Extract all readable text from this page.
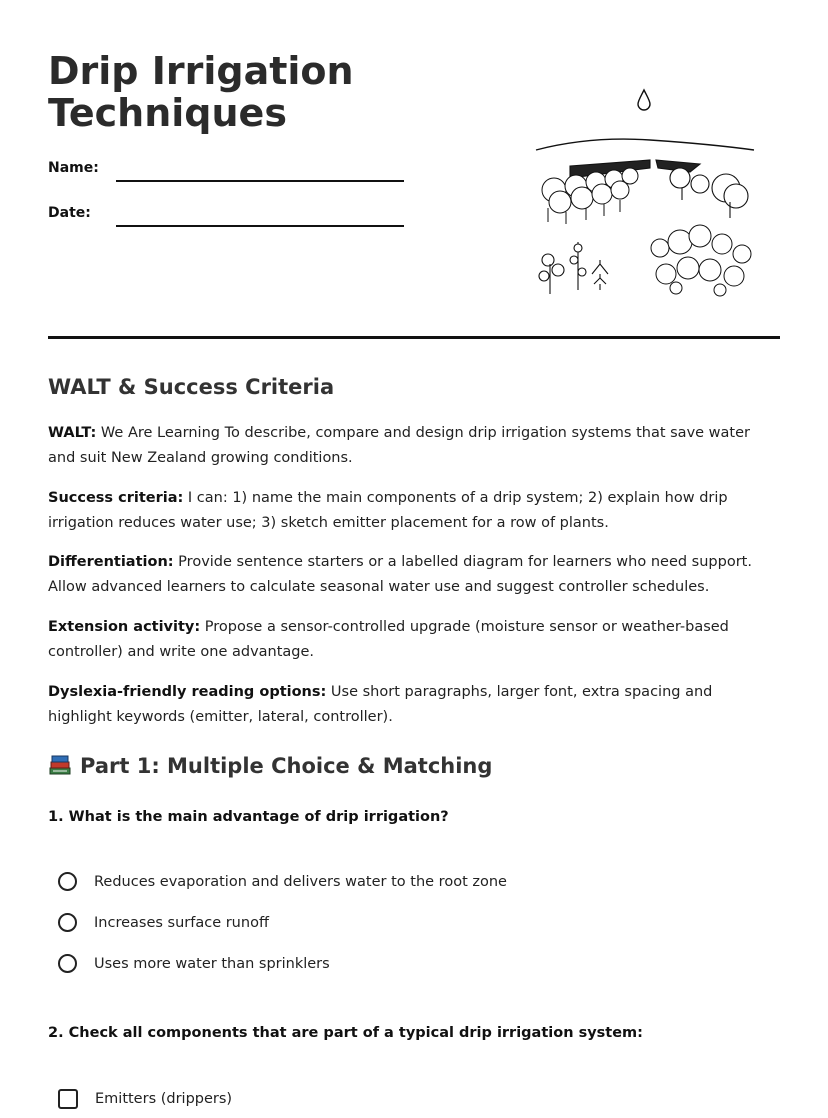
Drip Irrigation
Techniques
Name:
Date:
WALT & Success Criteria

WALT: We Are Learning To describe, compare and design drip irrigation systems that save water and suit New Zealand growing conditions.

Success criteria: I can: 1) name the main components of a drip system; 2) explain how drip irrigation reduces water use; 3) sketch emitter placement for a row of plants.

Differentiation: Provide sentence starters or a labelled diagram for learners who need support. Allow advanced learners to calculate seasonal water use and suggest controller schedules.

Extension activity: Propose a sensor-controlled upgrade (moisture sensor or weather-based controller) and write one advantage.

Dyslexia-friendly reading options: Use short paragraphs, larger font, extra spacing and highlight keywords (emitter, lateral, controller).

Part 1: Multiple Choice & Matching

1. What is the main advantage of drip irrigation?

Reduces evaporation and delivers water to the root zone
Increases surface runoff
Uses more water than sprinklers

2. Check all components that are part of a typical drip irrigation system:

Emitters (drippers)
